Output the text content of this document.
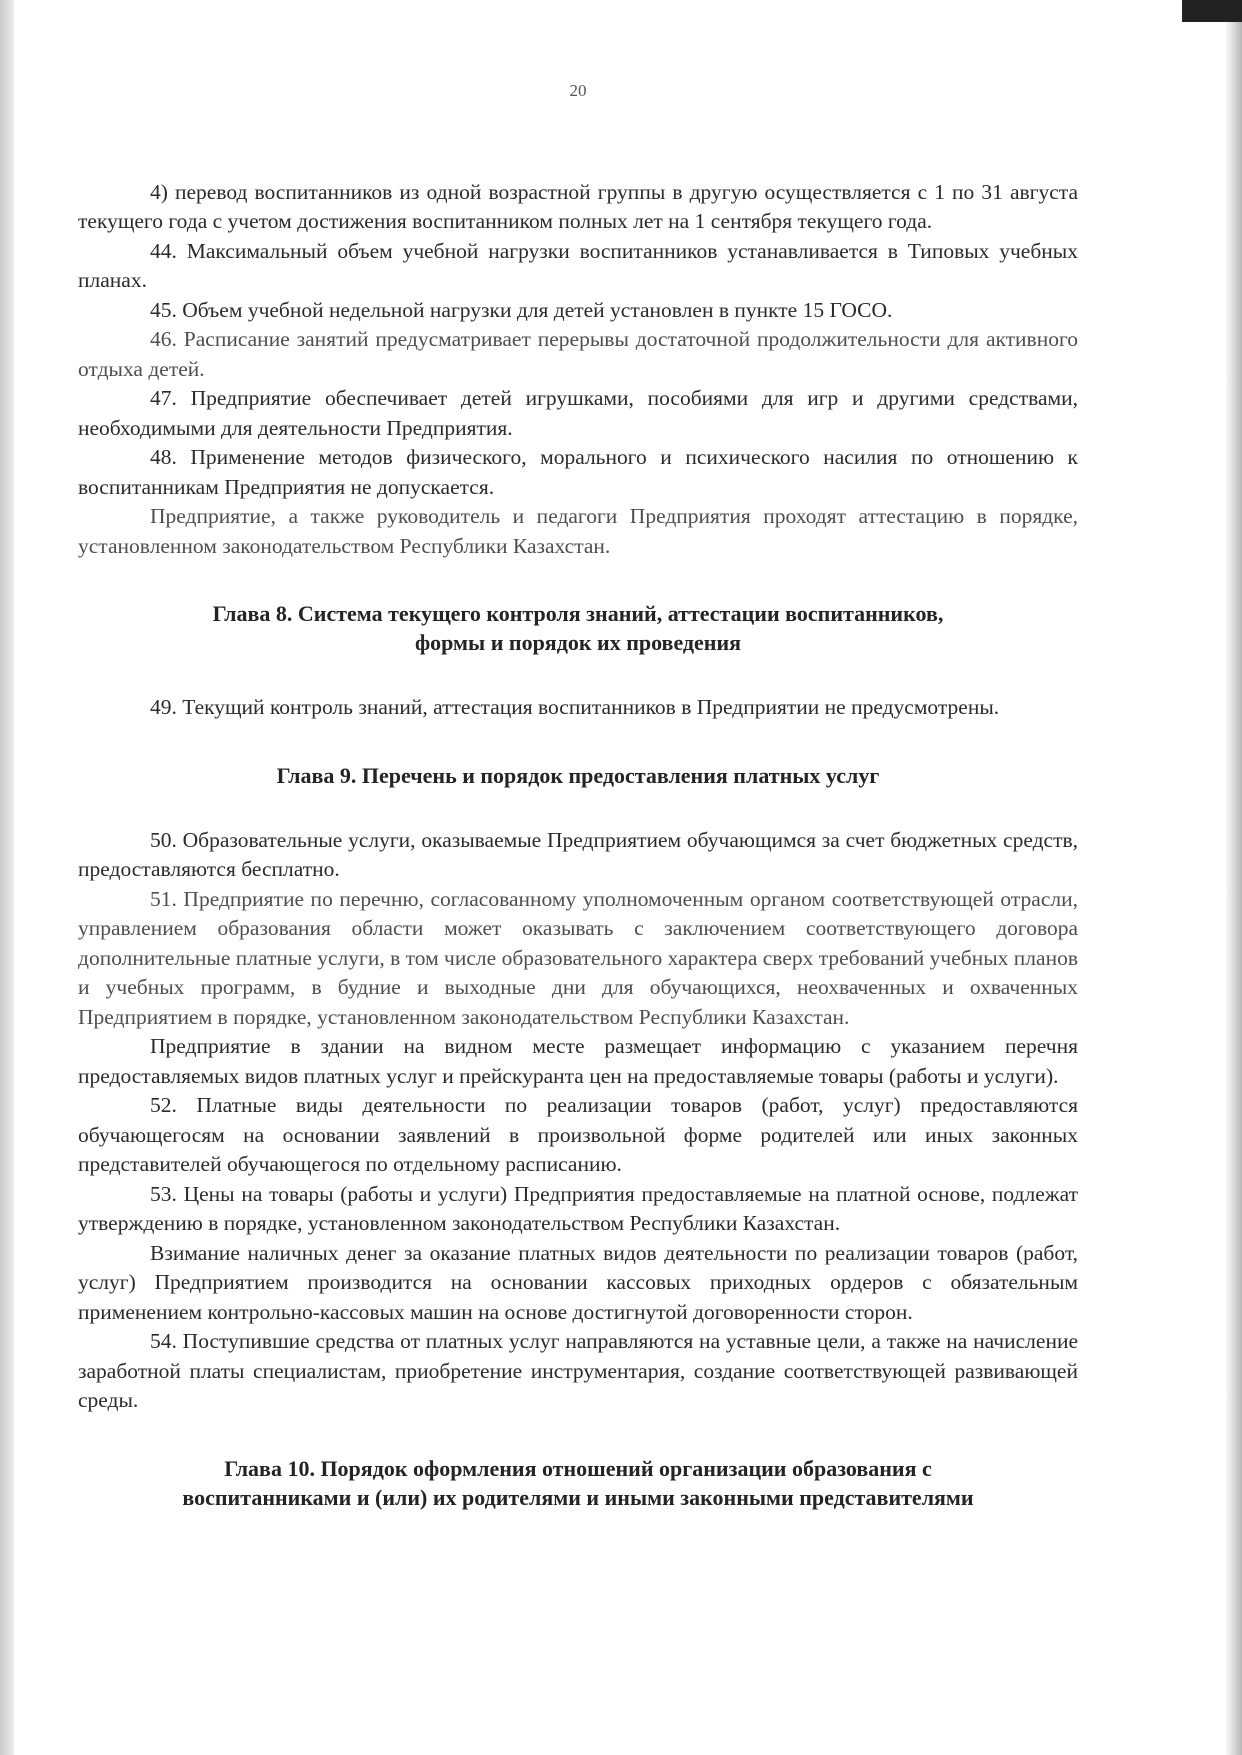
20

4) перевод воспитанников из одной возрастной группы в другую осуществляется с 1 по 31 августа текущего года с учетом достижения воспитанником полных лет на 1 сентября текущего года.

44. Максимальный объем учебной нагрузки воспитанников устанавливается в Типовых учебных планах.

45. Объем учебной недельной нагрузки для детей установлен в пункте 15 ГОСО.

46. Расписание занятий предусматривает перерывы достаточной продолжительности для активного отдыха детей.

47. Предприятие обеспечивает детей игрушками, пособиями для игр и другими средствами, необходимыми для деятельности Предприятия.

48. Применение методов физического, морального и психического насилия по отношению к воспитанникам Предприятия не допускается.

Предприятие, а также руководитель и педагоги Предприятия проходят аттестацию в порядке, установленном законодательством Республики Казахстан.

Глава 8. Система текущего контроля знаний, аттестации воспитанников,
формы и порядок их проведения

49. Текущий контроль знаний, аттестация воспитанников в Предприятии не предусмотрены.

Глава 9. Перечень и порядок предоставления платных услуг

50. Образовательные услуги, оказываемые Предприятием обучающимся за счет бюджетных средств, предоставляются бесплатно.

51. Предприятие по перечню, согласованному уполномоченным органом соответствующей отрасли, управлением образования области может оказывать с заключением соответствующего договора дополнительные платные услуги, в том числе образовательного характера сверх требований учебных планов и учебных программ, в будние и выходные дни для обучающихся, неохваченных и охваченных Предприятием в порядке, установленном законодательством Республики Казахстан.

Предприятие в здании на видном месте размещает информацию с указанием перечня предоставляемых видов платных услуг и прейскуранта цен на предоставляемые товары (работы и услуги).

52. Платные виды деятельности по реализации товаров (работ, услуг) предоставляются обучающегосям на основании заявлений в произвольной форме родителей или иных законных представителей обучающегося по отдельному расписанию.

53. Цены на товары (работы и услуги) Предприятия предоставляемые на платной основе, подлежат утверждению в порядке, установленном законодательством Республики Казахстан.

Взимание наличных денег за оказание платных видов деятельности по реализации товаров (работ, услуг) Предприятием производится на основании кассовых приходных ордеров с обязательным применением контрольно-кассовых машин на основе достигнутой договоренности сторон.

54. Поступившие средства от платных услуг направляются на уставные цели, а также на начисление заработной платы специалистам, приобретение инструментария, создание соответствующей развивающей среды.

Глава 10. Порядок оформления отношений организации образования с
воспитанниками и (или) их родителями и иными законными представителями
